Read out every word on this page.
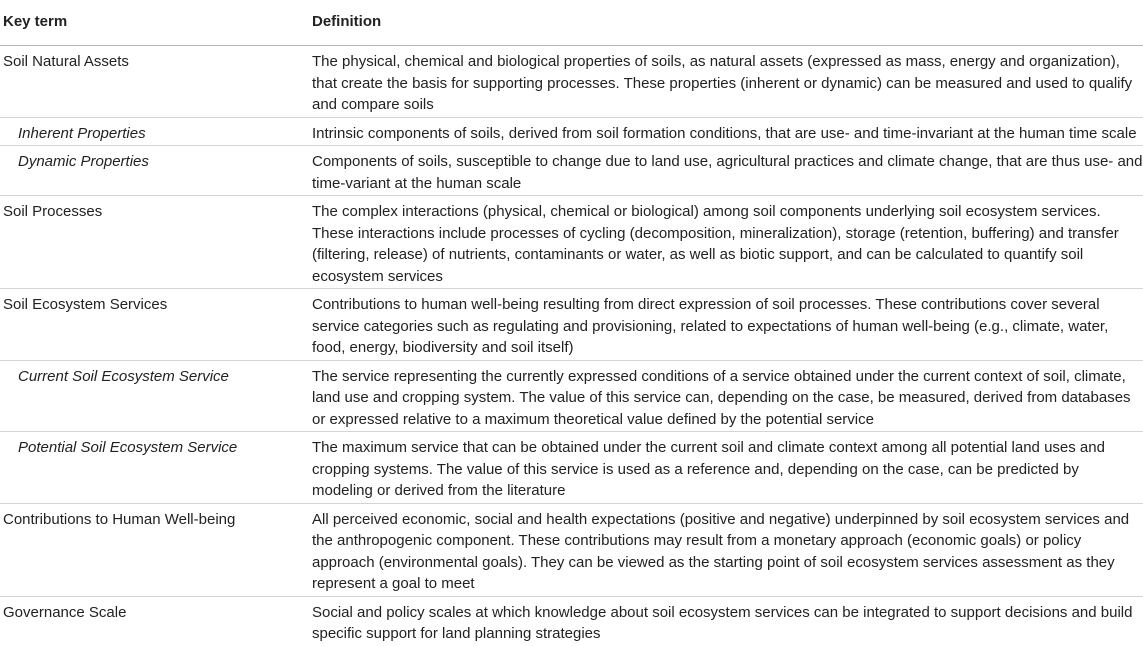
Key term	Definition
Soil Natural Assets	The physical, chemical and biological properties of soils, as natural assets (expressed as mass, energy and organization), that create the basis for supporting processes. These properties (inherent or dynamic) can be measured and used to qualify and compare soils
Inherent Properties	Intrinsic components of soils, derived from soil formation conditions, that are use- and time-invariant at the human time scale
Dynamic Properties	Components of soils, susceptible to change due to land use, agricultural practices and climate change, that are thus use- and time-variant at the human scale
Soil Processes	The complex interactions (physical, chemical or biological) among soil components underlying soil ecosystem services. These interactions include processes of cycling (decomposition, mineralization), storage (retention, buffering) and transfer (filtering, release) of nutrients, contaminants or water, as well as biotic support, and can be calculated to quantify soil ecosystem services
Soil Ecosystem Services	Contributions to human well-being resulting from direct expression of soil processes. These contributions cover several service categories such as regulating and provisioning, related to expectations of human well-being (e.g., climate, water, food, energy, biodiversity and soil itself)
Current Soil Ecosystem Service	The service representing the currently expressed conditions of a service obtained under the current context of soil, climate, land use and cropping system. The value of this service can, depending on the case, be measured, derived from databases or expressed relative to a maximum theoretical value defined by the potential service
Potential Soil Ecosystem Service	The maximum service that can be obtained under the current soil and climate context among all potential land uses and cropping systems. The value of this service is used as a reference and, depending on the case, can be predicted by modeling or derived from the literature
Contributions to Human Well-being	All perceived economic, social and health expectations (positive and negative) underpinned by soil ecosystem services and the anthropogenic component. These contributions may result from a monetary approach (economic goals) or policy approach (environmental goals). They can be viewed as the starting point of soil ecosystem services assessment as they represent a goal to meet
Governance Scale	Social and policy scales at which knowledge about soil ecosystem services can be integrated to support decisions and build specific support for land planning strategies
